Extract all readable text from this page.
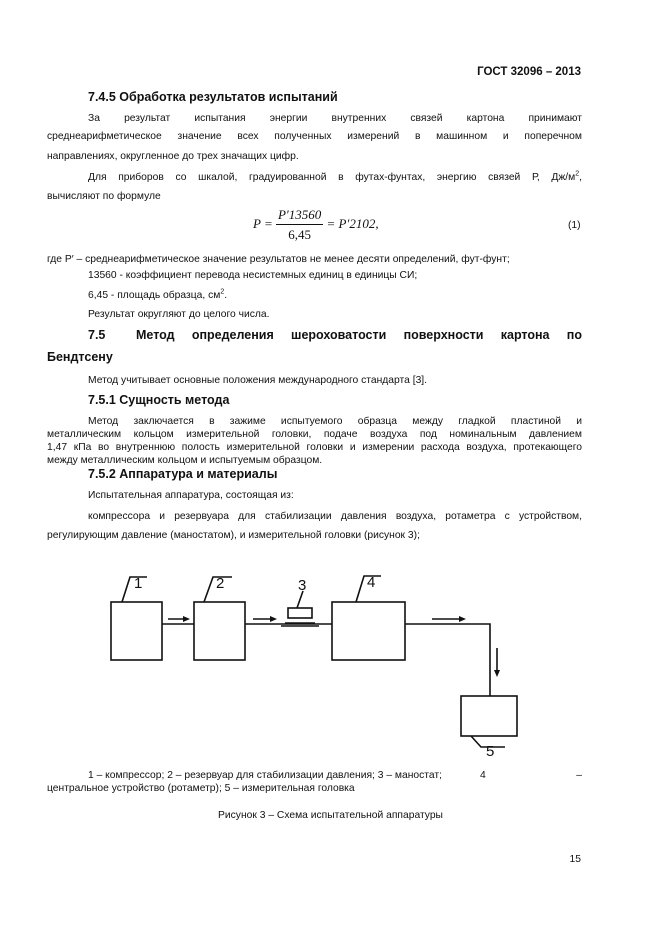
ГОСТ 32096 – 2013
7.4.5 Обработка результатов испытаний
За результат испытания энергии внутренних связей картона принимают
среднеарифметическое значение всех полученных измерений в машинном и поперечном
направлениях, округленное до трех значащих цифр.
Для приборов со шкалой, градуированной в футах-фунтах, энергию связей Р, Дж/м $^2$,
вычисляют по формуле
$P = \frac{P'13560}{6,45} = P'2102$,	(1)
где Р′ – среднеарифметическое значение результатов не менее десяти определений, фут-фунт;
13560 - коэффициент перевода несистемных единиц в единицы СИ;
6,45 - площадь образца, $см^2$.
Результат округляют до целого числа.
7.5	Метод определения шероховатости поверхности картона по
Бендтсену
Метод учитывает основные положения международного стандарта [3].
7.5.1 Сущность метода
Метод заключается в зажиме испытуемого образца между гладкой пластиной и
металлическим кольцом измерительной головки, подаче воздуха под номинальным давлением
1,47 кПа во внутреннюю полость измерительной головки и измерении расхода воздуха, протекающего
между металлическим кольцом и испытуемым образцом.
7.5.2 Аппаратура и материалы
Испытательная аппаратура, состоящая из:
компрессора и резервуара для стабилизации давления воздуха, ротаметра с устройством,
регулирующим давление (маностатом), и измерительной головки (рисунок 3);
1	2	3	4
5
1 – компрессор; 2 – резервуар для стабилизации давления; 3 – маностат;	4	–
центральное устройство (ротаметр); 5 – измерительная головка
Рисунок 3 – Схема испытательной аппаратуры
15
